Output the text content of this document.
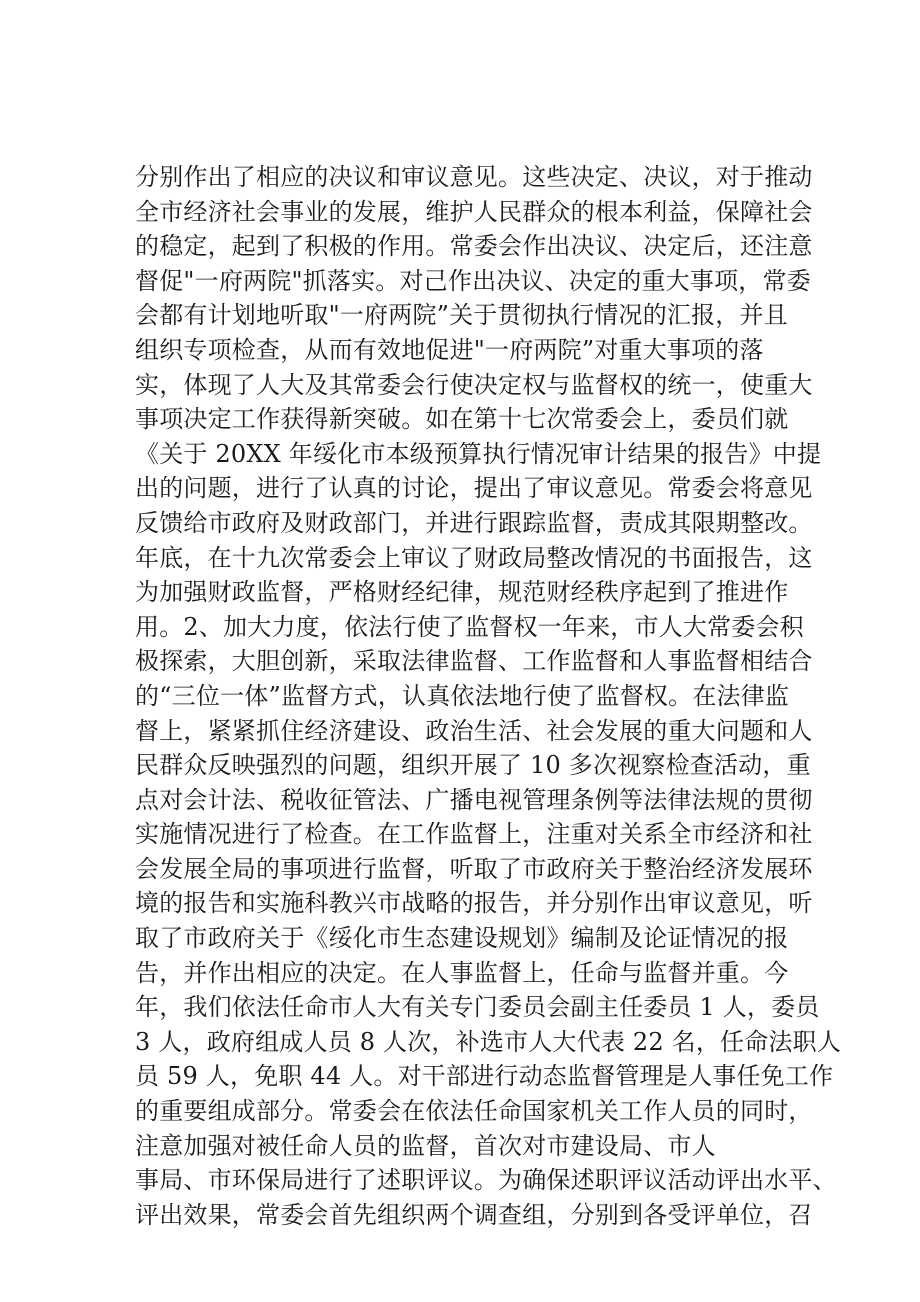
分别作出了相应的决议和审议意见。这些决定、决议，对于推动
全市经济社会事业的发展，维护人民群众的根本利益，保障社会
的稳定，起到了积极的作用。常委会作出决议、决定后，还注意
督促"一府两院"抓落实。对己作出决议、决定的重大事项，常委
会都有计划地听取"一府两院”关于贯彻执行情况的汇报，并且
组织专项检查，从而有效地促进"一府两院”对重大事项的落
实，体现了人大及其常委会行使决定权与监督权的统一，使重大
事项决定工作获得新突破。如在第十七次常委会上，委员们就
《关于 20XX 年绥化市本级预算执行情况审计结果的报告》中提
出的问题，进行了认真的讨论，提出了审议意见。常委会将意见
反馈给市政府及财政部门，并进行跟踪监督，责成其限期整改。
年底，在十九次常委会上审议了财政局整改情况的书面报告，这
为加强财政监督，严格财经纪律，规范财经秩序起到了推进作
用。2、加大力度，依法行使了监督权一年来，市人大常委会积
极探索，大胆创新，采取法律监督、工作监督和人事监督相结合
的“三位一体”监督方式，认真依法地行使了监督权。在法律监
督上，紧紧抓住经济建设、政治生活、社会发展的重大问题和人
民群众反映强烈的问题，组织开展了 10 多次视察检查活动，重
点对会计法、税收征管法、广播电视管理条例等法律法规的贯彻
实施情况进行了检查。在工作监督上，注重对关系全市经济和社
会发展全局的事项进行监督，听取了市政府关于整治经济发展环
境的报告和实施科教兴市战略的报告，并分别作出审议意见，听
取了市政府关于《绥化市生态建设规划》编制及论证情况的报
告，并作出相应的决定。在人事监督上，任命与监督并重。今
年，我们依法任命市人大有关专门委员会副主任委员 1 人，委员
3 人，政府组成人员 8 人次，补选市人大代表 22 名，任命法职人
员 59 人，免职 44 人。对干部进行动态监督管理是人事任免工作
的重要组成部分。常委会在依法任命国家机关工作人员的同时，
注意加强对被任命人员的监督，首次对市建设局、市人
事局、市环保局进行了述职评议。为确保述职评议活动评出水平、
评出效果，常委会首先组织两个调查组，分别到各受评单位，召
